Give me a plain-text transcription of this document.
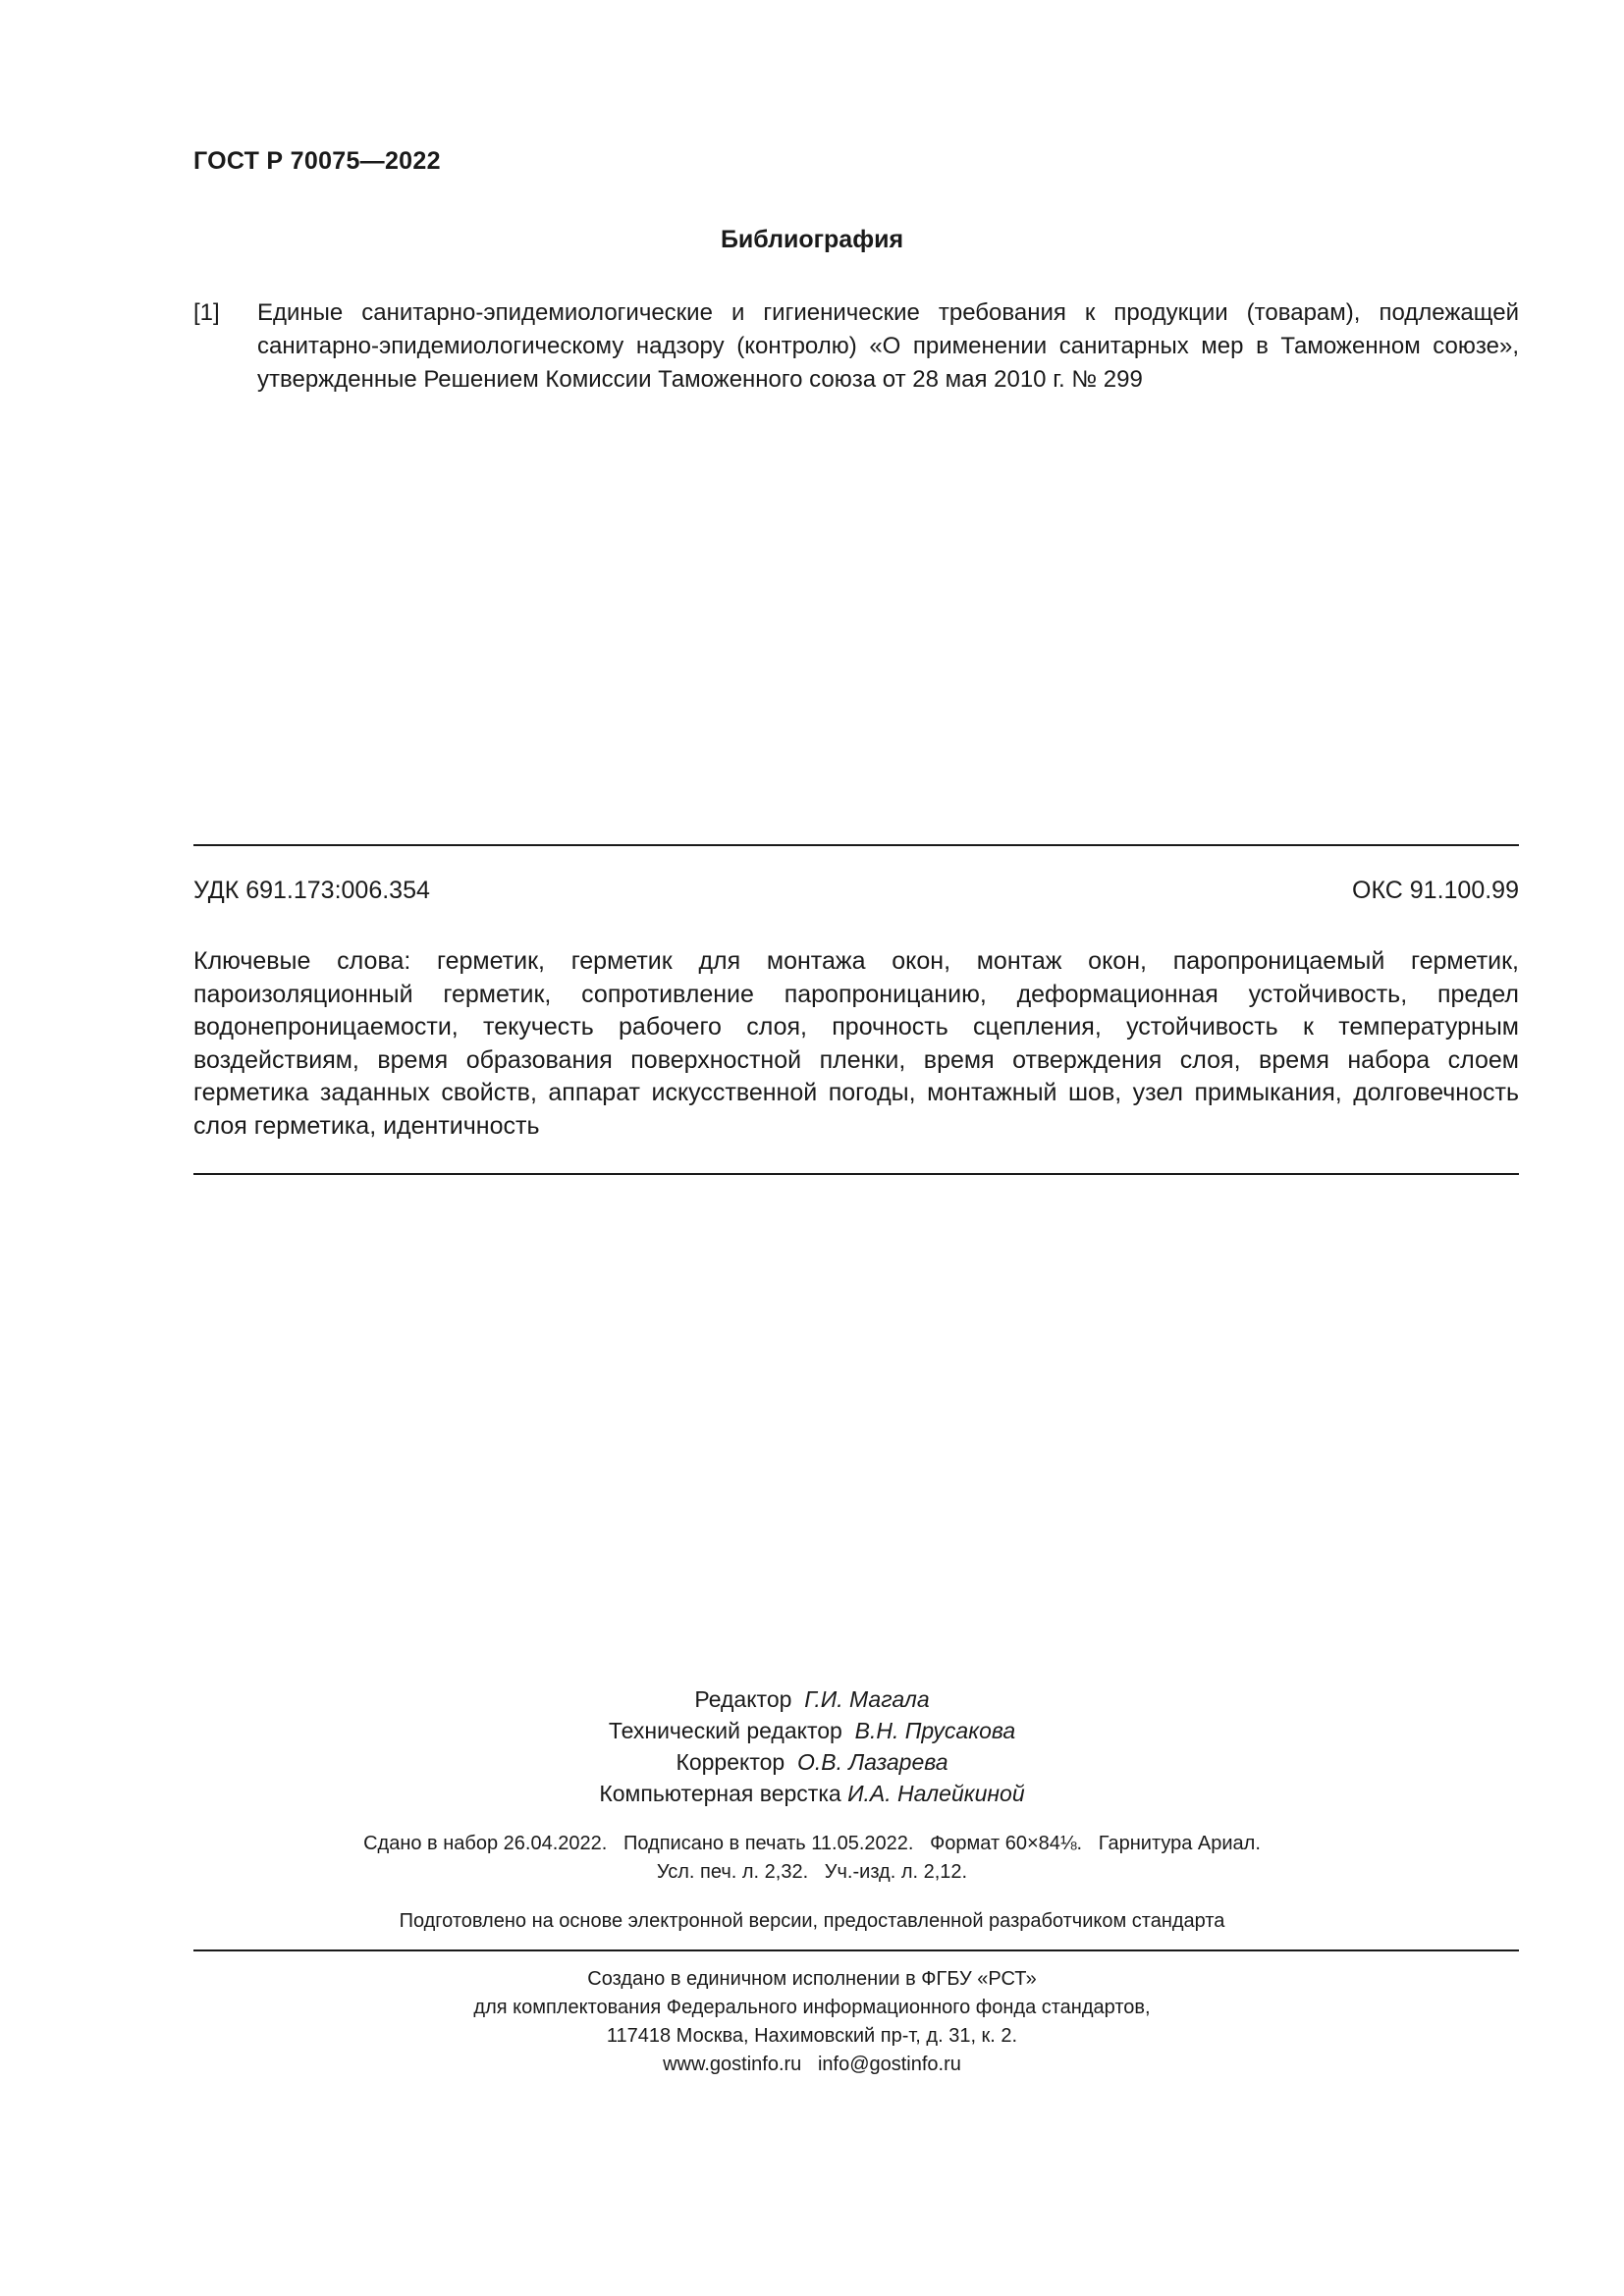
ГОСТ Р 70075—2022
Библиография
[1] Единые санитарно-эпидемиологические и гигиенические требования к продукции (товарам), подлежащей санитарно-эпидемиологическому надзору (контролю) «О применении санитарных мер в Таможенном союзе», утвержденные Решением Комиссии Таможенного союза от 28 мая 2010 г. № 299
УДК 691.173:006.354	ОКС 91.100.99
Ключевые слова: герметик, герметик для монтажа окон, монтаж окон, паропроницаемый герметик, пароизоляционный герметик, сопротивление паропроницанию, деформационная устойчивость, предел водонепроницаемости, текучесть рабочего слоя, прочность сцепления, устойчивость к температурным воздействиям, время образования поверхностной пленки, время отверждения слоя, время набора слоем герметика заданных свойств, аппарат искусственной погоды, монтажный шов, узел примыкания, долговечность слоя герметика, идентичность
Редактор Г.И. Магала
Технический редактор В.Н. Прусакова
Корректор О.В. Лазарева
Компьютерная верстка И.А. Налейкиной
Сдано в набор 26.04.2022.   Подписано в печать 11.05.2022.   Формат 60×84⅛.   Гарнитура Ариал.
Усл. печ. л. 2,32.   Уч.-изд. л. 2,12.
Подготовлено на основе электронной версии, предоставленной разработчиком стандарта
Создано в единичном исполнении в ФГБУ «РСТ»
для комплектования Федерального информационного фонда стандартов,
117418 Москва, Нахимовский пр-т, д. 31, к. 2.
www.gostinfo.ru   info@gostinfo.ru
